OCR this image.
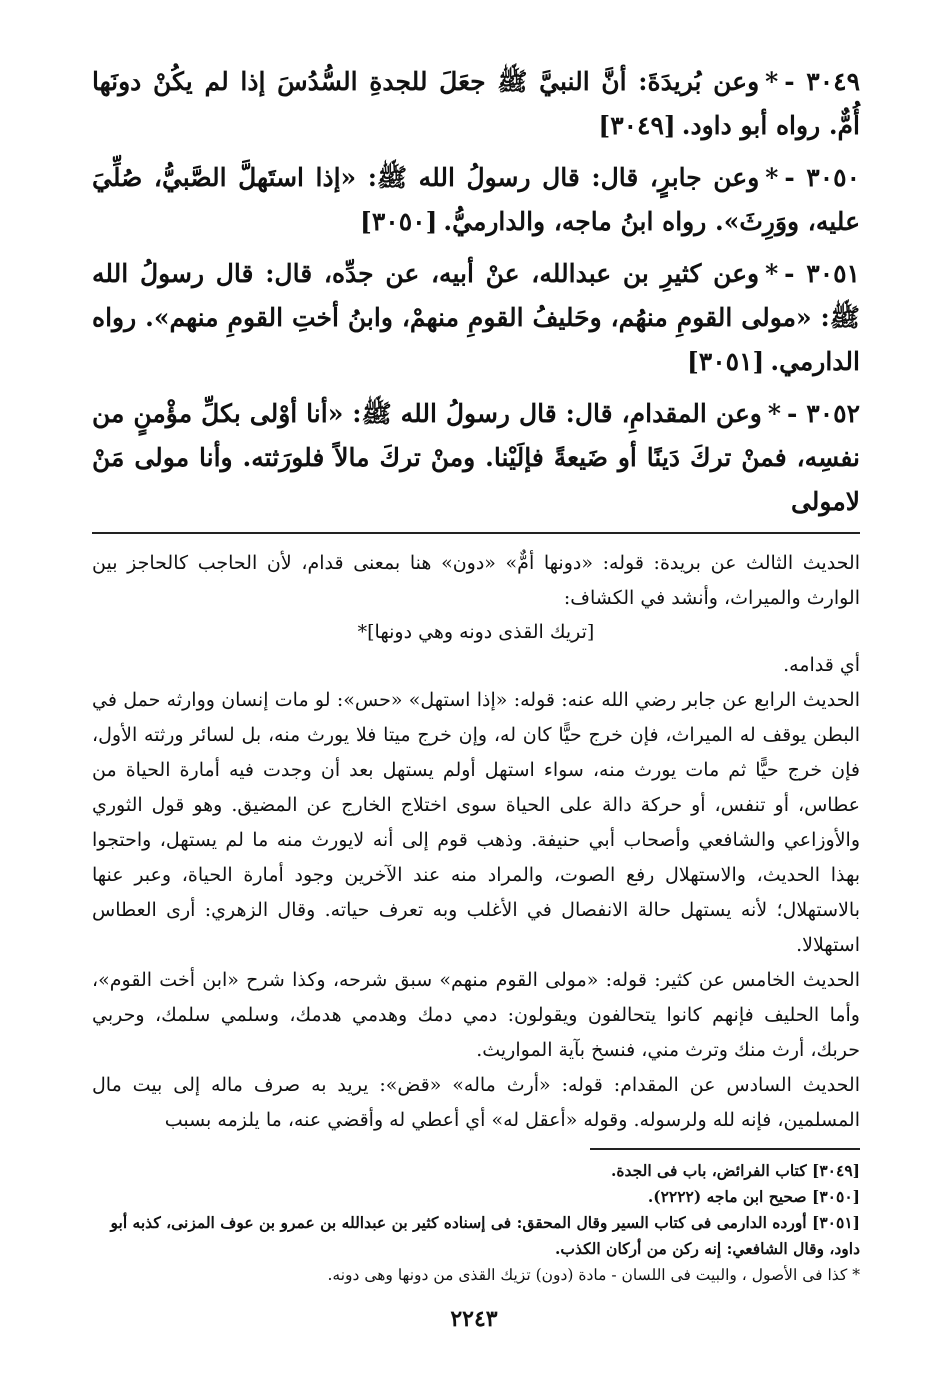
٣٠٤٩ -*وعن بُريدَةَ: أنَّ النبيَّ ﷺ جعَلَ للجدةِ السُّدُسَ إذا لم يكُنْ دونَها أُمٌّ. رواه أبو داود.[٣٠٤٩]

٣٠٥٠ -*وعن جابرٍ، قال: قال رسولُ الله ﷺ: «إذا استَهلَّ الصَّبيُّ، صُلِّيَ عليه، ووَرِثَ». رواه ابنُ ماجه، والدارميُّ.[٣٠٥٠]

٣٠٥١ -*وعن كثيرِ بن عبدالله، عنْ أبيه، عن جدِّه، قال: قال رسولُ الله ﷺ: «مولى القومِ منهُم، وحَليفُ القومِ منهمْ، وابنُ أختِ القومِ منهم». رواه الدارمي.[٣٠٥١]

٣٠٥٢ -*وعن المقدامِ، قال: قال رسولُ الله ﷺ: «أنا أوْلى بكلِّ مؤْمنٍ من نفسِه، فمنْ تركَ دَينًا أو ضَيعةً فإلَيْنا. ومنْ تركَ مالاً فلورَثته. وأنا مولى مَنْ لامولى

الحديث الثالث عن بريدة: قوله: «دونها أمٌّ» «دون» هنا بمعنى قدام، لأن الحاجب كالحاجز بين الوارث والميراث، وأنشد في الكشاف:

[تريك القذى دونه وهي دونها]*

أي قدامه.

الحديث الرابع عن جابر رضي الله عنه: قوله: «إذا استهل» «حس»: لو مات إنسان ووارثه حمل في البطن يوقف له الميراث، فإن خرج حيًّا كان له، وإن خرج ميتا فلا يورث منه، بل لسائر ورثته الأول، فإن خرج حيًّا ثم مات يورث منه، سواء استهل أولم يستهل بعد أن وجدت فيه أمارة الحياة من عطاس، أو تنفس، أو حركة دالة على الحياة سوى اختلاج الخارج عن المضيق. وهو قول الثوري والأوزاعي والشافعي وأصحاب أبي حنيفة. وذهب قوم إلى أنه لايورث منه ما لم يستهل، واحتجوا بهذا الحديث، والاستهلال رفع الصوت، والمراد منه عند الآخرين وجود أمارة الحياة، وعبر عنها بالاستهلال؛ لأنه يستهل حالة الانفصال في الأغلب وبه تعرف حياته. وقال الزهري: أرى العطاس استهلالا.

الحديث الخامس عن كثير: قوله: «مولى القوم منهم» سبق شرحه، وكذا شرح «ابن أخت القوم»، وأما الحليف فإنهم كانوا يتحالفون ويقولون: دمي دمك وهدمي هدمك، وسلمي سلمك، وحربي حربك، أرث منك وترث مني، فنسخ بآية المواريث.

الحديث السادس عن المقدام: قوله: «أرث ماله» «قض»: يريد به صرف ماله إلى بيت مال المسلمين، فإنه لله ولرسوله. وقوله «أعقل له» أي أعطي له وأقضي عنه، ما يلزمه بسبب

[٣٠٤٩] كتاب الفرائض، باب فى الجدة.

[٣٠٥٠] صحيح ابن ماجه (٢٢٢٢).

[٣٠٥١] أورده الدارمى فى كتاب السير وقال المحقق: فى إسناده كثير بن عبدالله بن عمرو بن عوف المزنى، كذبه أبو داود، وقال الشافعي: إنه ركن من أركان الكذب.

* كذا فى الأصول ، والبيت فى اللسان - مادة (دون) تزيك القذى من دونها وهى دونه.

٢٢٤٣
